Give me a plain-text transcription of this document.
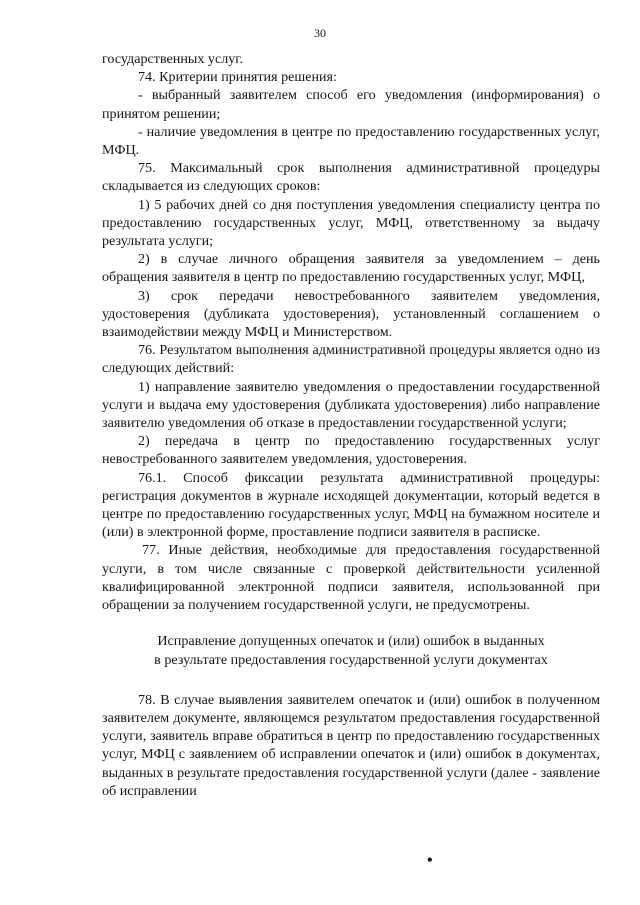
30

государственных услуг.

74. Критерии принятия решения:

- выбранный заявителем способ его уведомления (информирования) о принятом решении;

- наличие уведомления в центре по предоставлению государственных услуг, МФЦ.

75. Максимальный срок выполнения административной процедуры складывается из следующих сроков:

1) 5 рабочих дней со дня поступления уведомления специалисту центра по предоставлению государственных услуг, МФЦ, ответственному за выдачу результата услуги;

2) в случае личного обращения заявителя за уведомлением – день обращения заявителя в центр по предоставлению государственных услуг, МФЦ,

3) срок передачи невостребованного заявителем уведомления, удостоверения (дубликата удостоверения), установленный соглашением о взаимодействии между МФЦ и Министерством.

76. Результатом выполнения административной процедуры является одно из следующих действий:

1) направление заявителю уведомления о предоставлении государственной услуги и выдача ему удостоверения (дубликата удостоверения) либо направление заявителю уведомления об отказе в предоставлении государственной услуги;

2) передача в центр по предоставлению государственных услуг невостребованного заявителем уведомления, удостоверения.

76.1. Способ фиксации результата административной процедуры: регистрация документов в журнале исходящей документации, который ведется в центре по предоставлению государственных услуг, МФЦ на бумажном носителе и (или) в электронной форме, проставление подписи заявителя в расписке.

77. Иные действия, необходимые для предоставления государственной услуги, в том числе связанные с проверкой действительности усиленной квалифицированной электронной подписи заявителя, использованной при обращении за получением государственной услуги, не предусмотрены.

Исправление допущенных опечаток и (или) ошибок в выданных
в результате предоставления государственной услуги документах

78. В случае выявления заявителем опечаток и (или) ошибок в полученном заявителем документе, являющемся результатом предоставления государственной услуги, заявитель вправе обратиться в центр по предоставлению государственных услуг, МФЦ с заявлением об исправлении опечаток и (или) ошибок в документах, выданных в результате предоставления государственной услуги (далее - заявление об исправлении

•
